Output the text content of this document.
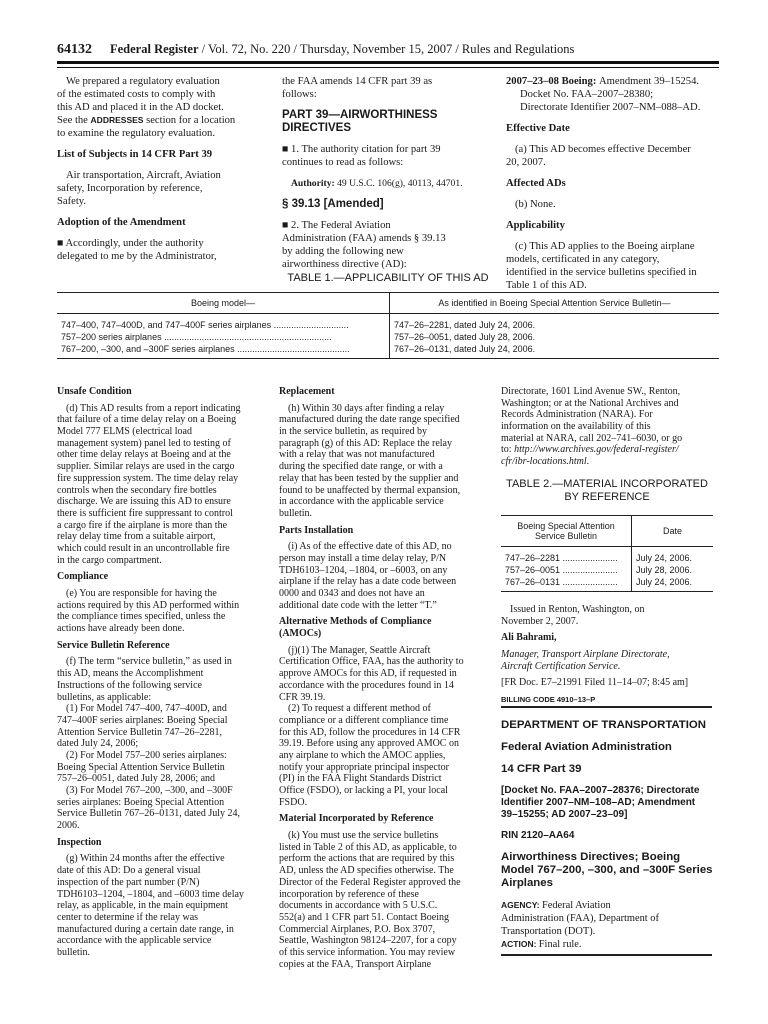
64132 Federal Register / Vol. 72, No. 220 / Thursday, November 15, 2007 / Rules and Regulations
We prepared a regulatory evaluation
of the estimated costs to comply with
this AD and placed it in the AD docket.
See the ADDRESSES section for a location
to examine the regulatory evaluation.
List of Subjects in 14 CFR Part 39
Air transportation, Aircraft, Aviation
safety, Incorporation by reference,
Safety.
Adoption of the Amendment
■ Accordingly, under the authority
delegated to me by the Administrator,
the FAA amends 14 CFR part 39 as
follows:
PART 39—AIRWORTHINESS
DIRECTIVES
■ 1. The authority citation for part 39
continues to read as follows:
Authority: 49 U.S.C. 106(g), 40113, 44701.
§ 39.13 [Amended]
■ 2. The Federal Aviation
Administration (FAA) amends § 39.13
by adding the following new
airworthiness directive (AD):
2007–23–08 Boeing: Amendment 39–15254.
Docket No. FAA–2007–28380;
Directorate Identifier 2007–NM–088–AD.
Effective Date
(a) This AD becomes effective December
20, 2007.
Affected ADs
(b) None.
Applicability
(c) This AD applies to the Boeing airplane
models, certificated in any category,
identified in the service bulletins specified in
Table 1 of this AD.
TABLE 1.—APPLICABILITY OF THIS AD
Boeing model—	As identified in Boeing Special Attention Service Bulletin—
747–400, 747–400D, and 747–400F series airplanes ..............................	747–26–2281, dated July 24, 2006.
757–200 series airplanes ...................................................................	757–26–0051, dated July 28, 2006.
767–200, –300, and –300F series airplanes .............................................	767–26–0131, dated July 24, 2006.
Unsafe Condition
(d) This AD results from a report indicating
that failure of a time delay relay on a Boeing
Model 777 ELMS (electrical load
management system) panel led to testing of
other time delay relays at Boeing and at the
supplier. Similar relays are used in the cargo
fire suppression system. The time delay relay
controls when the secondary fire bottles
discharge. We are issuing this AD to ensure
there is sufficient fire suppressant to control
a cargo fire if the airplane is more than the
relay delay time from a suitable airport,
which could result in an uncontrollable fire
in the cargo compartment.
Compliance
(e) You are responsible for having the
actions required by this AD performed within
the compliance times specified, unless the
actions have already been done.
Service Bulletin Reference
(f) The term “service bulletin,” as used in
this AD, means the Accomplishment
Instructions of the following service
bulletins, as applicable:
(1) For Model 747–400, 747–400D, and
747–400F series airplanes: Boeing Special
Attention Service Bulletin 747–26–2281,
dated July 24, 2006;
(2) For Model 757–200 series airplanes:
Boeing Special Attention Service Bulletin
757–26–0051, dated July 28, 2006; and
(3) For Model 767–200, –300, and –300F
series airplanes: Boeing Special Attention
Service Bulletin 767–26–0131, dated July 24,
2006.
Inspection
(g) Within 24 months after the effective
date of this AD: Do a general visual
inspection of the part number (P/N)
TDH6103–1204, –1804, and –6003 time delay
relay, as applicable, in the main equipment
center to determine if the relay was
manufactured during a certain date range, in
accordance with the applicable service
bulletin.
Replacement
(h) Within 30 days after finding a relay
manufactured during the date range specified
in the service bulletin, as required by
paragraph (g) of this AD: Replace the relay
with a relay that was not manufactured
during the specified date range, or with a
relay that has been tested by the supplier and
found to be unaffected by thermal expansion,
in accordance with the applicable service
bulletin.
Parts Installation
(i) As of the effective date of this AD, no
person may install a time delay relay, P/N
TDH6103–1204, –1804, or –6003, on any
airplane if the relay has a date code between
0000 and 0343 and does not have an
additional date code with the letter “T.”
Alternative Methods of Compliance
(AMOCs)
(j)(1) The Manager, Seattle Aircraft
Certification Office, FAA, has the authority to
approve AMOCs for this AD, if requested in
accordance with the procedures found in 14
CFR 39.19.
(2) To request a different method of
compliance or a different compliance time
for this AD, follow the procedures in 14 CFR
39.19. Before using any approved AMOC on
any airplane to which the AMOC applies,
notify your appropriate principal inspector
(PI) in the FAA Flight Standards District
Office (FSDO), or lacking a PI, your local
FSDO.
Material Incorporated by Reference
(k) You must use the service bulletins
listed in Table 2 of this AD, as applicable, to
perform the actions that are required by this
AD, unless the AD specifies otherwise. The
Director of the Federal Register approved the
incorporation by reference of these
documents in accordance with 5 U.S.C.
552(a) and 1 CFR part 51. Contact Boeing
Commercial Airplanes, P.O. Box 3707,
Seattle, Washington 98124–2207, for a copy
of this service information. You may review
copies at the FAA, Transport Airplane
Directorate, 1601 Lind Avenue SW., Renton,
Washington; or at the National Archives and
Records Administration (NARA). For
information on the availability of this
material at NARA, call 202–741–6030, or go
to: http://www.archives.gov/federal-register/
cfr/ibr-locations.html.
TABLE 2.—MATERIAL INCORPORATED
BY REFERENCE
Boeing Special Attention Service Bulletin	Date
747–26–2281 ......................	July 24, 2006.
757–26–0051 ......................	July 28, 2006.
767–26–0131 ......................	July 24, 2006.
Issued in Renton, Washington, on
November 2, 2007.
Ali Bahrami,
Manager, Transport Airplane Directorate,
Aircraft Certification Service.
[FR Doc. E7–21991 Filed 11–14–07; 8:45 am]
BILLING CODE 4910–13–P
DEPARTMENT OF TRANSPORTATION
Federal Aviation Administration
14 CFR Part 39
[Docket No. FAA–2007–28376; Directorate
Identifier 2007–NM–108–AD; Amendment
39–15255; AD 2007–23–09]
RIN 2120–AA64
Airworthiness Directives; Boeing
Model 767–200, –300, and –300F Series
Airplanes
AGENCY: Federal Aviation
Administration (FAA), Department of
Transportation (DOT).
ACTION: Final rule.
